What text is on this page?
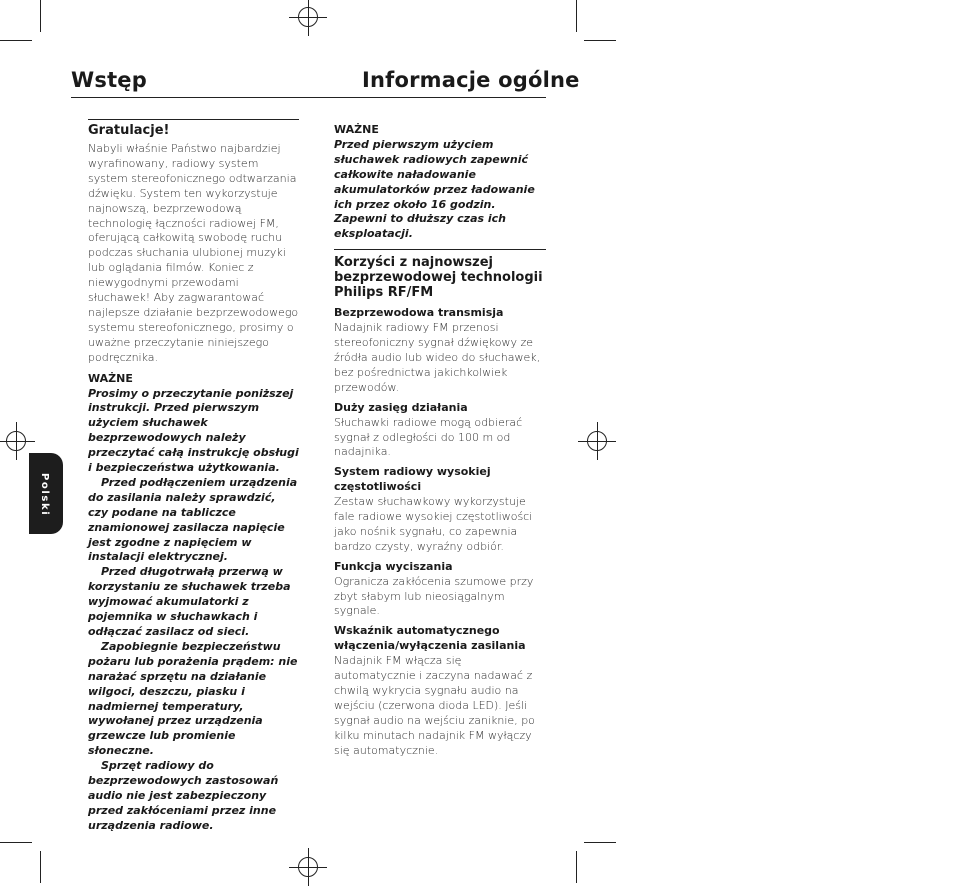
Wstęp	Informacje ogólne
Polski
Gratulacje!

Nabyli właśnie Państwo najbardziej wyrafinowany, radiowy system system stereofonicznego odtwarzania dźwięku. System ten wykorzystuje najnowszą, bezprzewodową technologię łączności radiowej FM, oferującą całkowitą swobodę ruchu podczas słuchania ulubionej muzyki lub oglądania filmów. Koniec z niewygodnymi przewodami słuchawek! Aby zagwarantować najlepsze działanie bezprzewodowego systemu stereofonicznego, prosimy o uważne przeczytanie niniejszego podręcznika.

WAŻNE

Prosimy o przeczytanie poniższej instrukcji. Przed pierwszym użyciem słuchawek bezprzewodowych należy przeczytać całą instrukcję obsługi i bezpieczeństwa użytkowania.

Przed podłączeniem urządzenia do zasilania należy sprawdzić, czy podane na tabliczce znamionowej zasilacza napięcie jest zgodne z napięciem w instalacji elektrycznej.

Przed długotrwałą przerwą w korzystaniu ze słuchawek trzeba wyjmować akumulatorki z pojemnika w słuchawkach i odłączać zasilacz od sieci.

Zapobiegnie bezpieczeństwu pożaru lub porażenia prądem: nie narażać sprzętu na działanie wilgoci, deszczu, piasku i nadmiernej temperatury, wywołanej przez urządzenia grzewcze lub promienie słoneczne.

Sprzęt radiowy do bezprzewodowych zastosowań audio nie jest zabezpieczony przed zakłóceniami przez inne urządzenia radiowe.

WAŻNE

Przed pierwszym użyciem słuchawek radiowych zapewnić całkowite naładowanie akumulatorków przez ładowanie ich przez około 16 godzin. Zapewni to dłuższy czas ich eksploatacji.

Korzyści z najnowszej bezprzewodowej technologii Philips RF/FM
Bezprzewodowa transmisja

Nadajnik radiowy FM przenosi stereofoniczny sygnał dźwiękowy ze źródła audio lub wideo do słuchawek, bez pośrednictwa jakichkolwiek przewodów.

Duży zasięg działania

Słuchawki radiowe mogą odbierać sygnał z odległości do 100 m od nadajnika.

System radiowy wysokiej częstotliwości

Zestaw słuchawkowy wykorzystuje fale radiowe wysokiej częstotliwości jako nośnik sygnału, co zapewnia bardzo czysty, wyraźny odbiór.

Funkcja wyciszania

Ogranicza zakłócenia szumowe przy zbyt słabym lub nieosiągalnym sygnale.

Wskaźnik automatycznego włączenia/wyłączenia zasilania

Nadajnik FM włącza się automatycznie i zaczyna nadawać z chwilą wykrycia sygnału audio na wejściu (czerwona dioda LED). Jeśli sygnał audio na wejściu zaniknie, po kilku minutach nadajnik FM wyłączy się automatycznie.
